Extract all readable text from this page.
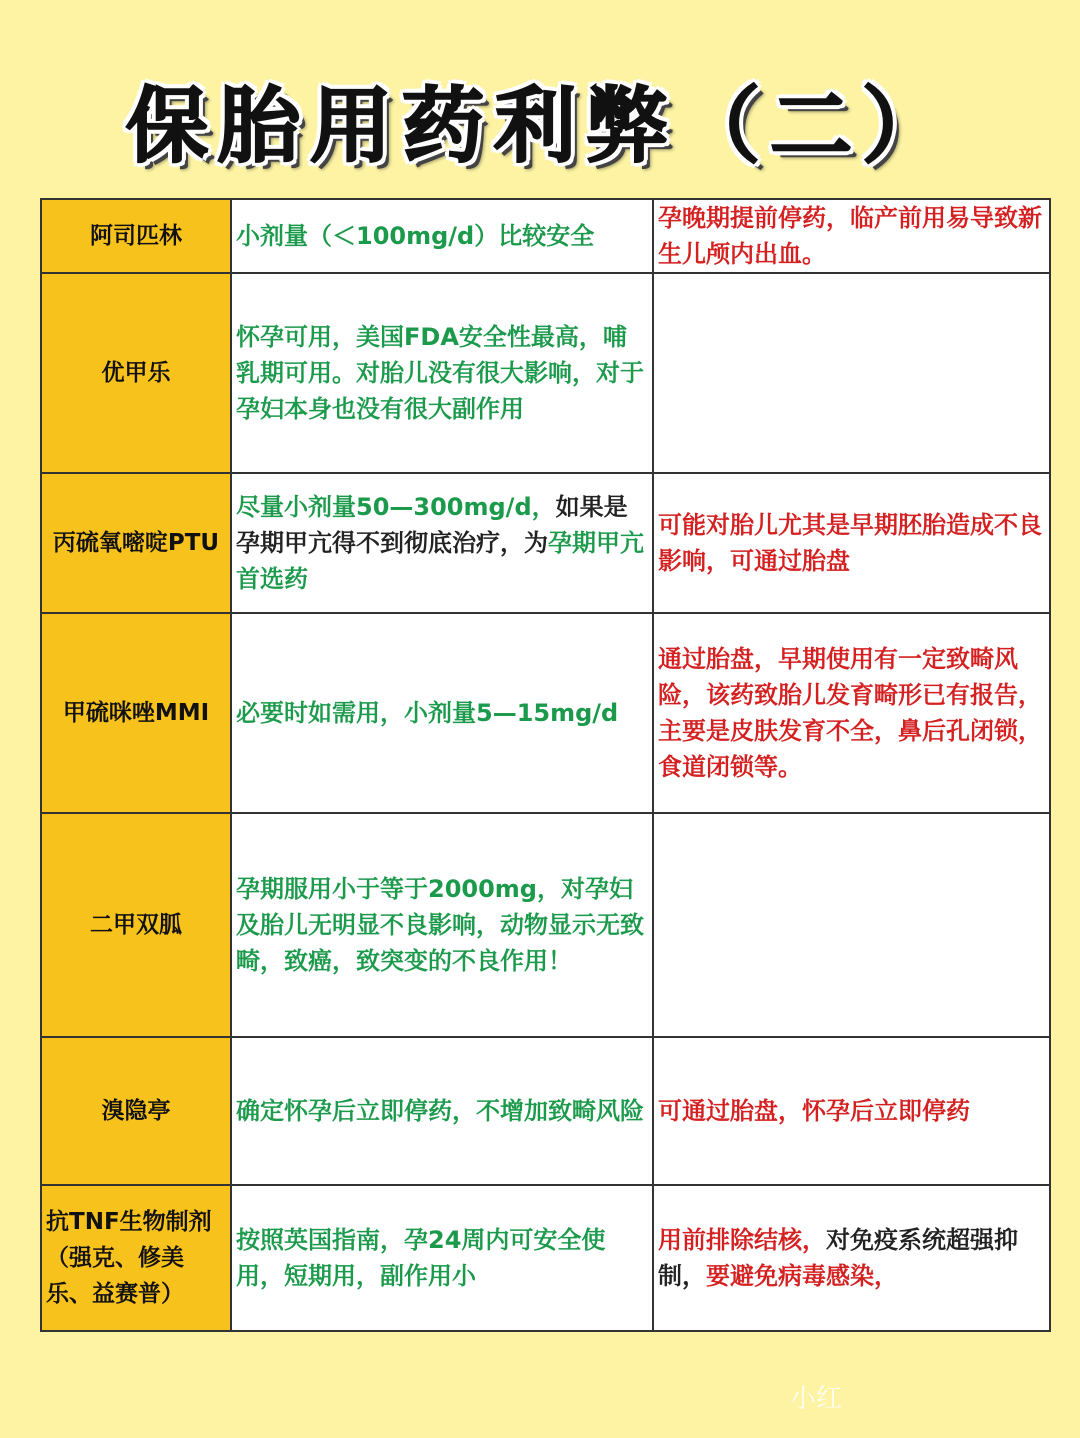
保胎用药利弊（二）
阿司匹林	小剂量（＜100mg/d）比较安全	孕晚期提前停药，临产前用易导致新生儿颅内出血。
优甲乐	怀孕可用，美国FDA安全性最高，哺乳期可用。对胎儿没有很大影响，对于孕妇本身也没有很大副作用	
丙硫氧嘧啶PTU	尽量小剂量50—300mg/d，如果是孕期甲亢得不到彻底治疗，为孕期甲亢首选药	可能对胎儿尤其是早期胚胎造成不良影响，可通过胎盘
甲硫咪唑MMI	必要时如需用，小剂量5—15mg/d	通过胎盘，早期使用有一定致畸风险，该药致胎儿发育畸形已有报告，主要是皮肤发育不全，鼻后孔闭锁，食道闭锁等。
二甲双胍	孕期服用小于等于2000mg，对孕妇及胎儿无明显不良影响，动物显示无致畸，致癌，致突变的不良作用！	
溴隐亭	确定怀孕后立即停药，不增加致畸风险	可通过胎盘，怀孕后立即停药
抗TNF生物制剂（强克、修美乐、益赛普）	按照英国指南，孕24周内可安全使用，短期用，副作用小	用前排除结核，对免疫系统超强抑制，要避免病毒感染，
小红
